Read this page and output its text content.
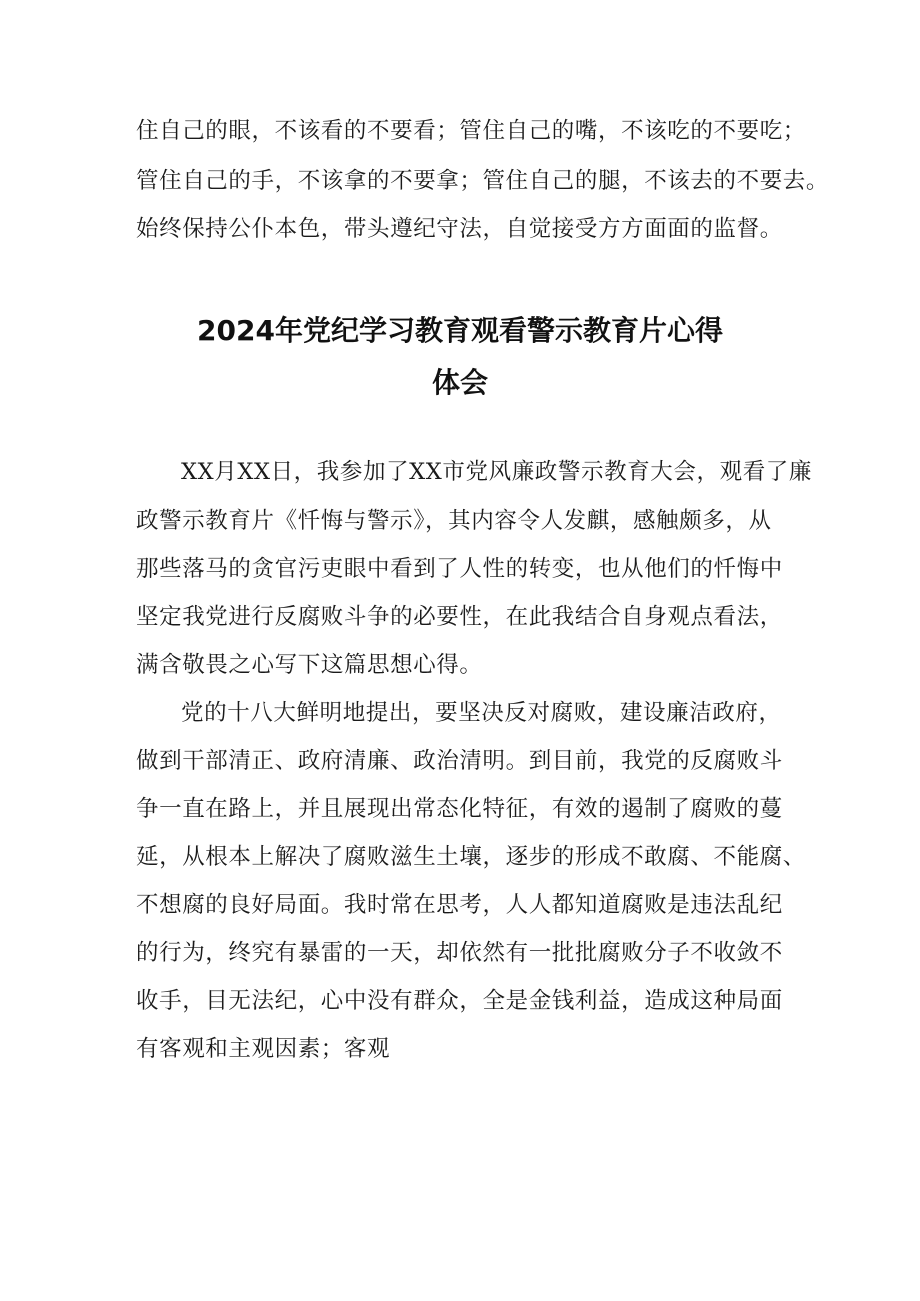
住自己的眼，不该看的不要看；管住自己的嘴，不该吃的不要吃；

管住自己的手，不该拿的不要拿；管住自己的腿，不该去的不要去。

始终保持公仆本色，带头遵纪守法，自觉接受方方面面的监督。

2024年党纪学习教育观看警示教育片心得
体会

XX月XX日，我参加了XX市党风廉政警示教育大会，观看了廉

政警示教育片《忏悔与警示》，其内容令人发麒，感触颇多，从

那些落马的贪官污吏眼中看到了人性的转变，也从他们的忏悔中

坚定我党进行反腐败斗争的必要性，在此我结合自身观点看法，

满含敬畏之心写下这篇思想心得。

党的十八大鲜明地提出，要坚决反对腐败，建设廉洁政府，

做到干部清正、政府清廉、政治清明。到目前，我党的反腐败斗

争一直在路上，并且展现出常态化特征，有效的遏制了腐败的蔓

延，从根本上解决了腐败滋生土壤，逐步的形成不敢腐、不能腐、

不想腐的良好局面。我时常在思考，人人都知道腐败是违法乱纪

的行为，终究有暴雷的一天，却依然有一批批腐败分子不收敛不

收手，目无法纪，心中没有群众，全是金钱利益，造成这种局面

有客观和主观因素；客观
